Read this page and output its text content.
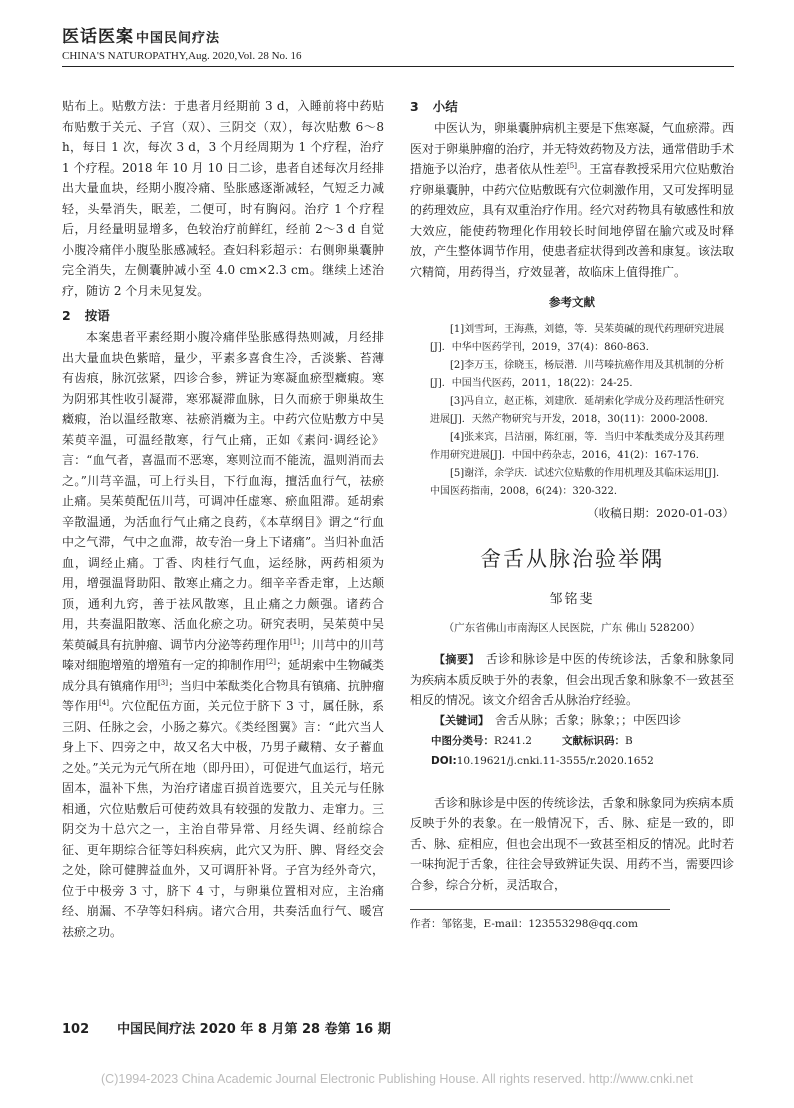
医话医案 中国民间疗法
CHINA'S NATUROPATHY,Aug. 2020,Vol. 28 No. 16

贴布上。贴敷方法：于患者月经期前 3 d，入睡前将中药贴布贴敷于关元、子宫（双）、三阴交（双），每次贴敷 6～8 h，每日 1 次，每次 3 d，3 个月经周期为 1 个疗程，治疗 1 个疗程。2018 年 10 月 10 日二诊，患者自述每次月经排出大量血块，经期小腹冷痛、坠胀感逐渐减轻，气短乏力减轻，头晕消失，眠差，二便可，时有胸闷。治疗 1 个疗程后，月经量明显增多，色较治疗前鲜红，经前 2～3 d 自觉小腹冷痛伴小腹坠胀感减轻。查妇科彩超示：右侧卵巢囊肿完全消失，左侧囊肿减小至 4.0 cm×2.3 cm。继续上述治疗，随访 2 个月未见复发。

2 按语

本案患者平素经期小腹冷痛伴坠胀感得热则减，月经排出大量血块色紫暗，量少，平素多喜食生冷，舌淡紫、苔薄有齿痕，脉沉弦紧，四诊合参，辨证为寒凝血瘀型癥瘕。寒为阴邪其性收引凝滞，寒邪凝滞血脉，日久而瘀于卵巢故生癥瘕，治以温经散寒、祛瘀消癥为主。中药穴位贴敷方中吴茱萸辛温，可温经散寒，行气止痛，正如《素问·调经论》言：“血气者，喜温而不恶寒，寒则泣而不能流，温则消而去之。”川芎辛温，可上行头目，下行血海，擅活血行气，祛瘀止痛。吴茱萸配伍川芎，可调冲任虚寒、瘀血阻滞。延胡索辛散温通，为活血行气止痛之良药，《本草纲目》谓之“行血中之气滞，气中之血滞，故专治一身上下诸痛”。当归补血活血，调经止痛。丁香、肉桂行气血，运经脉，两药相须为用，增强温肾助阳、散寒止痛之力。细辛辛香走窜，上达颠顶，通利九窍，善于祛风散寒，且止痛之力颇强。诸药合用，共奏温阳散寒、活血化瘀之功。研究表明，吴茱萸中吴茱萸碱具有抗肿瘤、调节内分泌等药理作用[1]；川芎中的川芎嗪对细胞增殖的增殖有一定的抑制作用[2]；延胡索中生物碱类成分具有镇痛作用[3]；当归中苯酞类化合物具有镇痛、抗肿瘤等作用[4]。穴位配伍方面，关元位于脐下 3 寸，属任脉，系三阴、任脉之会，小肠之募穴。《类经图翼》言：“此穴当人身上下、四旁之中，故又名大中极，乃男子藏精、女子蓄血之处。”关元为元气所在地（即丹田），可促进气血运行，培元固本，温补下焦，为治疗诸虚百损首选要穴，且关元与任脉相通，穴位贴敷后可使药效具有较强的发散力、走窜力。三阴交为十总穴之一，主治自带异常、月经失调、经前综合征、更年期综合征等妇科疾病，此穴又为肝、脾、肾经交会之处，除可健脾益血外，又可调肝补肾。子宫为经外奇穴，位于中极旁 3 寸，脐下 4 寸，与卵巢位置相对应，主治痛经、崩漏、不孕等妇科病。诸穴合用，共奏活血行气、暖宫祛瘀之功。

3 小结

中医认为，卵巢囊肿病机主要是下焦寒凝，气血瘀滞。西医对于卵巢肿瘤的治疗，并无特效药物及方法，通常借助手术措施予以治疗，患者依从性差[5]。王富春教授采用穴位贴敷治疗卵巢囊肿，中药穴位贴敷既有穴位刺激作用，又可发挥明显的药理效应，具有双重治疗作用。经穴对药物具有敏感性和放大效应，能使药物理化作用较长时间地停留在腧穴或及时释放，产生整体调节作用，使患者症状得到改善和康复。该法取穴精简，用药得当，疗效显著，故临床上值得推广。

参考文献

[1]刘雪珂，王海燕，刘德，等．吴茱萸碱的现代药理研究进展[J]．中华中医药学刊，2019，37(4)：860-863．

[2]李万玉，徐晓玉，杨辰潜．川芎嗪抗癌作用及其机制的分析[J]．中国当代医药，2011，18(22)：24-25．

[3]冯自立，赵正栋，刘建欣．延胡索化学成分及药理活性研究进展[J]．天然产物研究与开发，2018，30(11)：2000-2008．

[4]张来宾，吕洁丽，陈红丽，等．当归中苯酞类成分及其药理作用研究进展[J]．中国中药杂志，2016，41(2)：167-176．

[5]谢洋，余学庆．试述穴位贴敷的作用机理及其临床运用[J]．中国医药指南，2008，6(24)：320-322．

（收稿日期：2020-01-03）
舍舌从脉治验举隅
邹铭斐
（广东省佛山市南海区人民医院，广东 佛山 528200）

【摘要】 舌诊和脉诊是中医的传统诊法，舌象和脉象同为疾病本质反映于外的表象，但会出现舌象和脉象不一致甚至相反的情况。该文介绍舍舌从脉治疗经验。

【关键词】 舍舌从脉；舌象；脉象；；中医四诊

中图分类号：R241.2	文献标识码：B

DOI:10.19621/j.cnki.11-3555/r.2020.1652

舌诊和脉诊是中医的传统诊法，舌象和脉象同为疾病本质反映于外的表象。在一般情况下，舌、脉、症是一致的，即舌、脉、症相应，但也会出现不一致甚至相反的情况。此时若一味拘泥于舌象，往往会导致辨证失误、用药不当，需要四诊合参，综合分析，灵活取合，

作者：邹铭斐，E-mail：123553298@qq.com
102 中国民间疗法 2020 年 8 月第 28 卷第 16 期
(C)1994-2023 China Academic Journal Electronic Publishing House. All rights reserved. http://www.cnki.net
